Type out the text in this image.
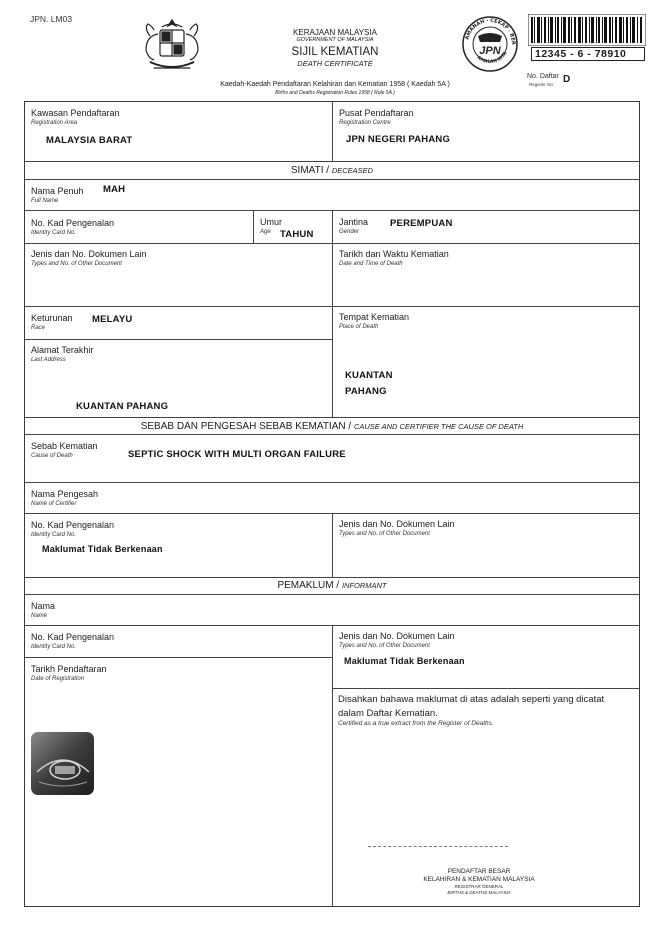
JPN. LM03
KERAJAAN MALAYSIA
GOVERNMENT OF MALAYSIA
SIJIL KEMATIAN
DEATH CERTIFICATE
Kaedah-Kaedah Pendaftaran Kelahiran dan Kematian 1958 ( Kaedah 5A )
Births and Deaths Registration Rules 1958 ( Rule 5A )
AMANAH · CEKAP · BER
AMALAN KITA
JPN	12345 - 6 - 78910
No. Daftar
Register No. D
Kawasan Pendaftaran
Registration Area
MALAYSIA BARAT
Pusat Pendaftaran
Registration Centre
JPN NEGERI PAHANG
SIMATI / DECEASED
Nama Penuh
Full Name
MAH
No. Kad Pengenalan
Identity Card No.
Umur
Age TAHUN
Jantina
Gender
PEREMPUAN
Jenis dan No. Dokumen Lain
Types and No. of Other Document
Tarikh dan Waktu Kematian
Date and Time of Death
Keturunan
Race
MELAYU	Tempat Kematian
Place of Death
KUANTAN
PAHANG
Alamat Terakhir
Last Address
KUANTAN PAHANG
SEBAB DAN PENGESAH SEBAB KEMATIAN / CAUSE AND CERTIFIER THE CAUSE OF DEATH
Sebab Kematian
Cause of Death	SEPTIC SHOCK WITH MULTI ORGAN FAILURE
Nama Pengesah
Name of Certifier
No. Kad Pengenalan
Identity Card No.
Maklumat Tidak Berkenaan
Jenis dan No. Dokumen Lain
Types and No. of Other Document
PEMAKLUM / INFORMANT
Nama
Name
No. Kad Pengenalan
Identity Card No.
Jenis dan No. Dokumen Lain
Types and No. of Other Document
Maklumat Tidak Berkenaan
Tarikh Pendaftaran
Date of Registration
Disahkan bahawa maklumat di atas adalah seperti yang dicatat dalam Daftar Kematian.
Certified as a true extract from the Register of Deaths.
PENDAFTAR BESAR
KELAHIRAN & KEMATIAN MALAYSIA
REGISTRAR GENERAL
BIRTHS & DEATHS MALAYSIA
